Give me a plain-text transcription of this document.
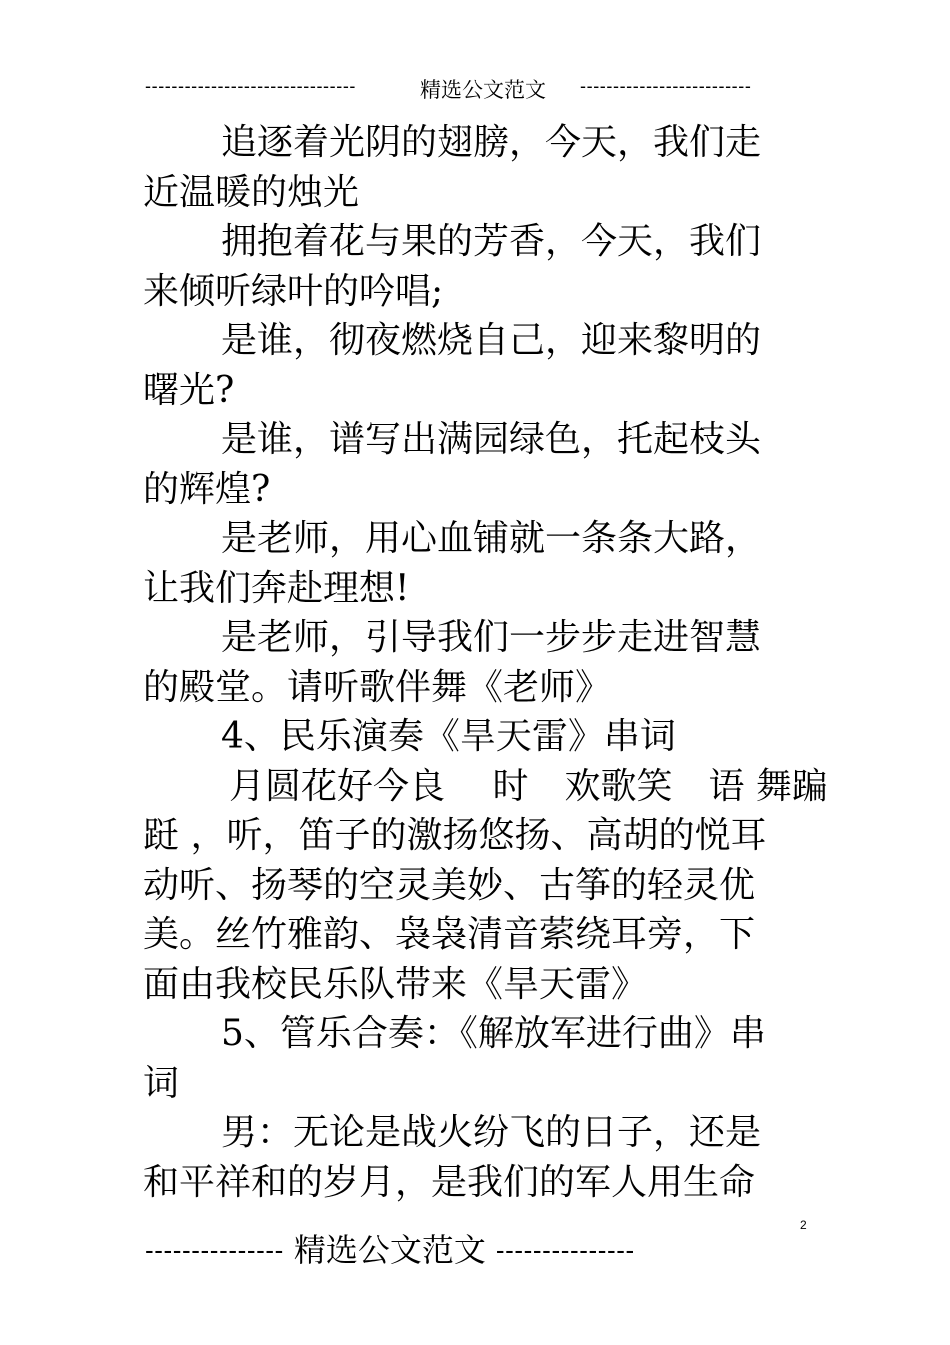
--------------------------------	精选公文范文 --------------------------
追逐着光阴的翅膀，今天，我们走
近温暖的烛光
拥抱着花与果的芳香，今天，我们
来倾听绿叶的吟唱;
是谁，彻夜燃烧自己，迎来黎明的
曙光?
是谁，谱写出满园绿色，托起枝头
的辉煌?
是老师，用心血铺就一条条大路，
让我们奔赴理想!
是老师，引导我们一步步走进智慧
的殿堂。请听歌伴舞《老师》
4、民乐演奏《旱天雷》串词
月圆花好今良　 时　欢歌笑　语 舞蹁
跹 ，听，笛子的激扬悠扬、高胡的悦耳
动听、扬琴的空灵美妙、古筝的轻灵优
美。丝竹雅韵、袅袅清音萦绕耳旁，下
面由我校民乐队带来《旱天雷》
5、管乐合奏：《解放军进行曲》串
词
男：无论是战火纷飞的日子，还是
和平祥和的岁月，是我们的军人用生命
2
--------------- 精选公文范文 ---------------
